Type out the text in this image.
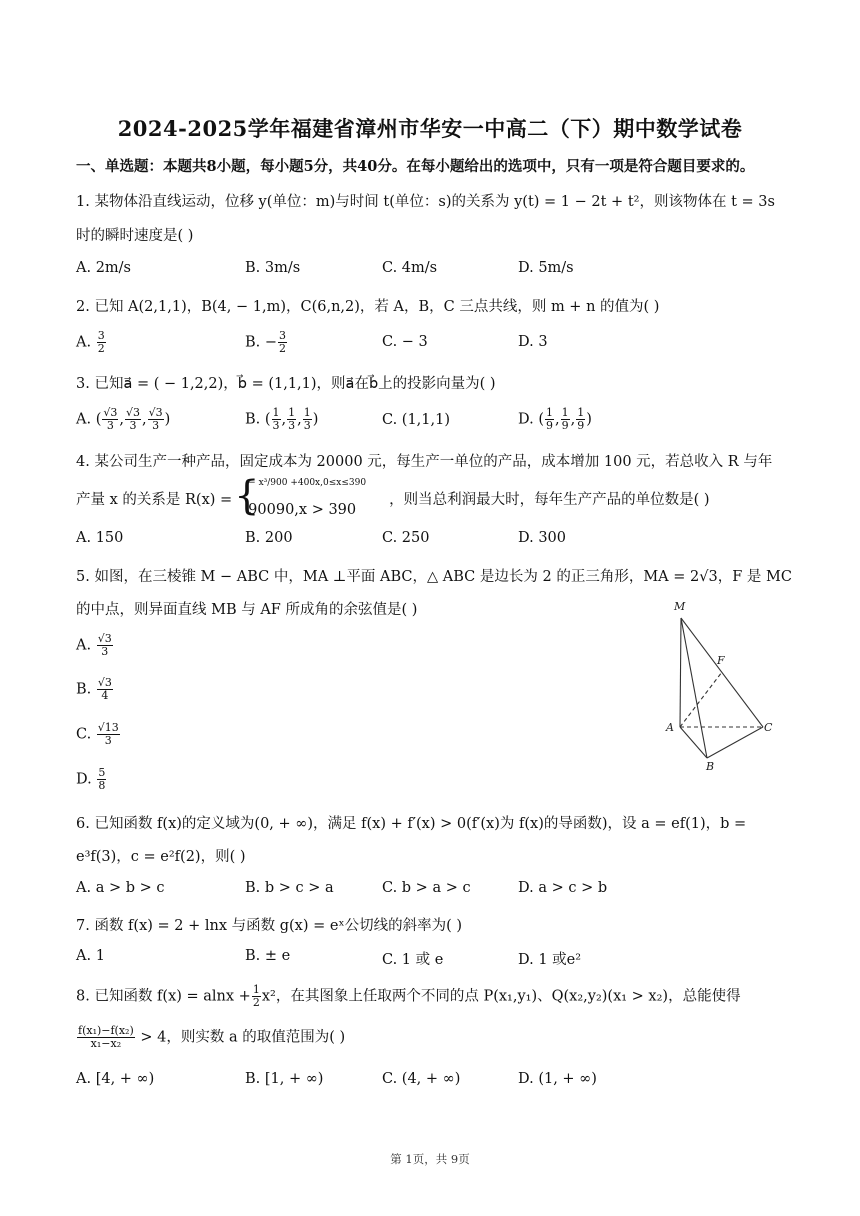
2024-2025学年福建省漳州市华安一中高二（下）期中数学试卷
一、单选题：本题共8小题，每小题5分，共40分。在每小题给出的选项中，只有一项是符合题目要求的。
1. 某物体沿直线运动，位移 y(单位：m)与时间 t(单位：s)的关系为 y(t) = 1 − 2t + t²，则该物体在 t = 3s
时的瞬时速度是( )
A. 2m/s	B. 3m/s	C. 4m/s	D. 5m/s
2. 已知 A(2,1,1)，B(4, − 1,m)，C(6,n,2)，若 A，B，C 三点共线，则 m + n 的值为( )
A. $\frac{3}{2}$	B. − $\frac{3}{2}$	C. − 3	D. 3
3. 已知a⃗ = ( − 1,2,2)，b⃗ = (1,1,1)，则a⃗在b⃗上的投影向量为( )
A. ( $\frac{√3}{3}$ , $\frac{√3}{3}$ , $\frac{√3}{3}$ )	B. ( $\frac{1}{3}$ , $\frac{1}{3}$ , $\frac{1}{3}$ )	C. (1,1,1)	D. ( $\frac{1}{9}$ , $\frac{1}{9}$ , $\frac{1}{9}$ )
4. 某公司生产一种产品，固定成本为 20000 元，每生产一单位的产品，成本增加 100 元，若总收入 R 与年
产量 x 的关系是 R(x) = {
− x³/900 +400x,0≤x≤390
90090,x > 390
，则当总利润最大时，每年生产产品的单位数是( )
A. 150	B. 200	C. 250	D. 300
5. 如图，在三棱锥 M − ABC 中，MA ⊥平面 ABC，△ ABC 是边长为 2 的正三角形，MA = 2√3，F 是 MC
的中点，则异面直线 MB 与 AF 所成角的余弦值是( )
A. $\frac{√3}{3}$
B. $\frac{√3}{4}$
C. $\frac{√13}{3}$
D. $\frac{5}{8}$
M
F
A	C
B
6. 已知函数 f(x)的定义域为(0, + ∞)，满足 f(x) + f′(x) > 0(f′(x)为 f(x)的导函数)，设 a = ef(1)，b =
e³f(3)，c = e²f(2)，则( )
A. a > b > c	B. b > c > a	C. b > a > c	D. a > c > b
7. 函数 f(x) = 2 + lnx 与函数 g(x) = eˣ公切线的斜率为( )
A. 1	B. ± e	C. 1 或 e	D. 1 或e²
8. 已知函数 $f(x) = alnx + \frac{1}{2} x^2$，在其图象上任取两个不同的点 P(x₁,y₁)、Q(x₂,y₂)(x₁ > x₂)，总能使得
$\frac{\text{f(x₁)−f(x₂)}}{\text{x₁−x₂}} > 4$，则实数 a 的取值范围为( )
A. [4, + ∞)	B. [1, + ∞)	C. (4, + ∞)	D. (1, + ∞)
第 1页，共 9页
